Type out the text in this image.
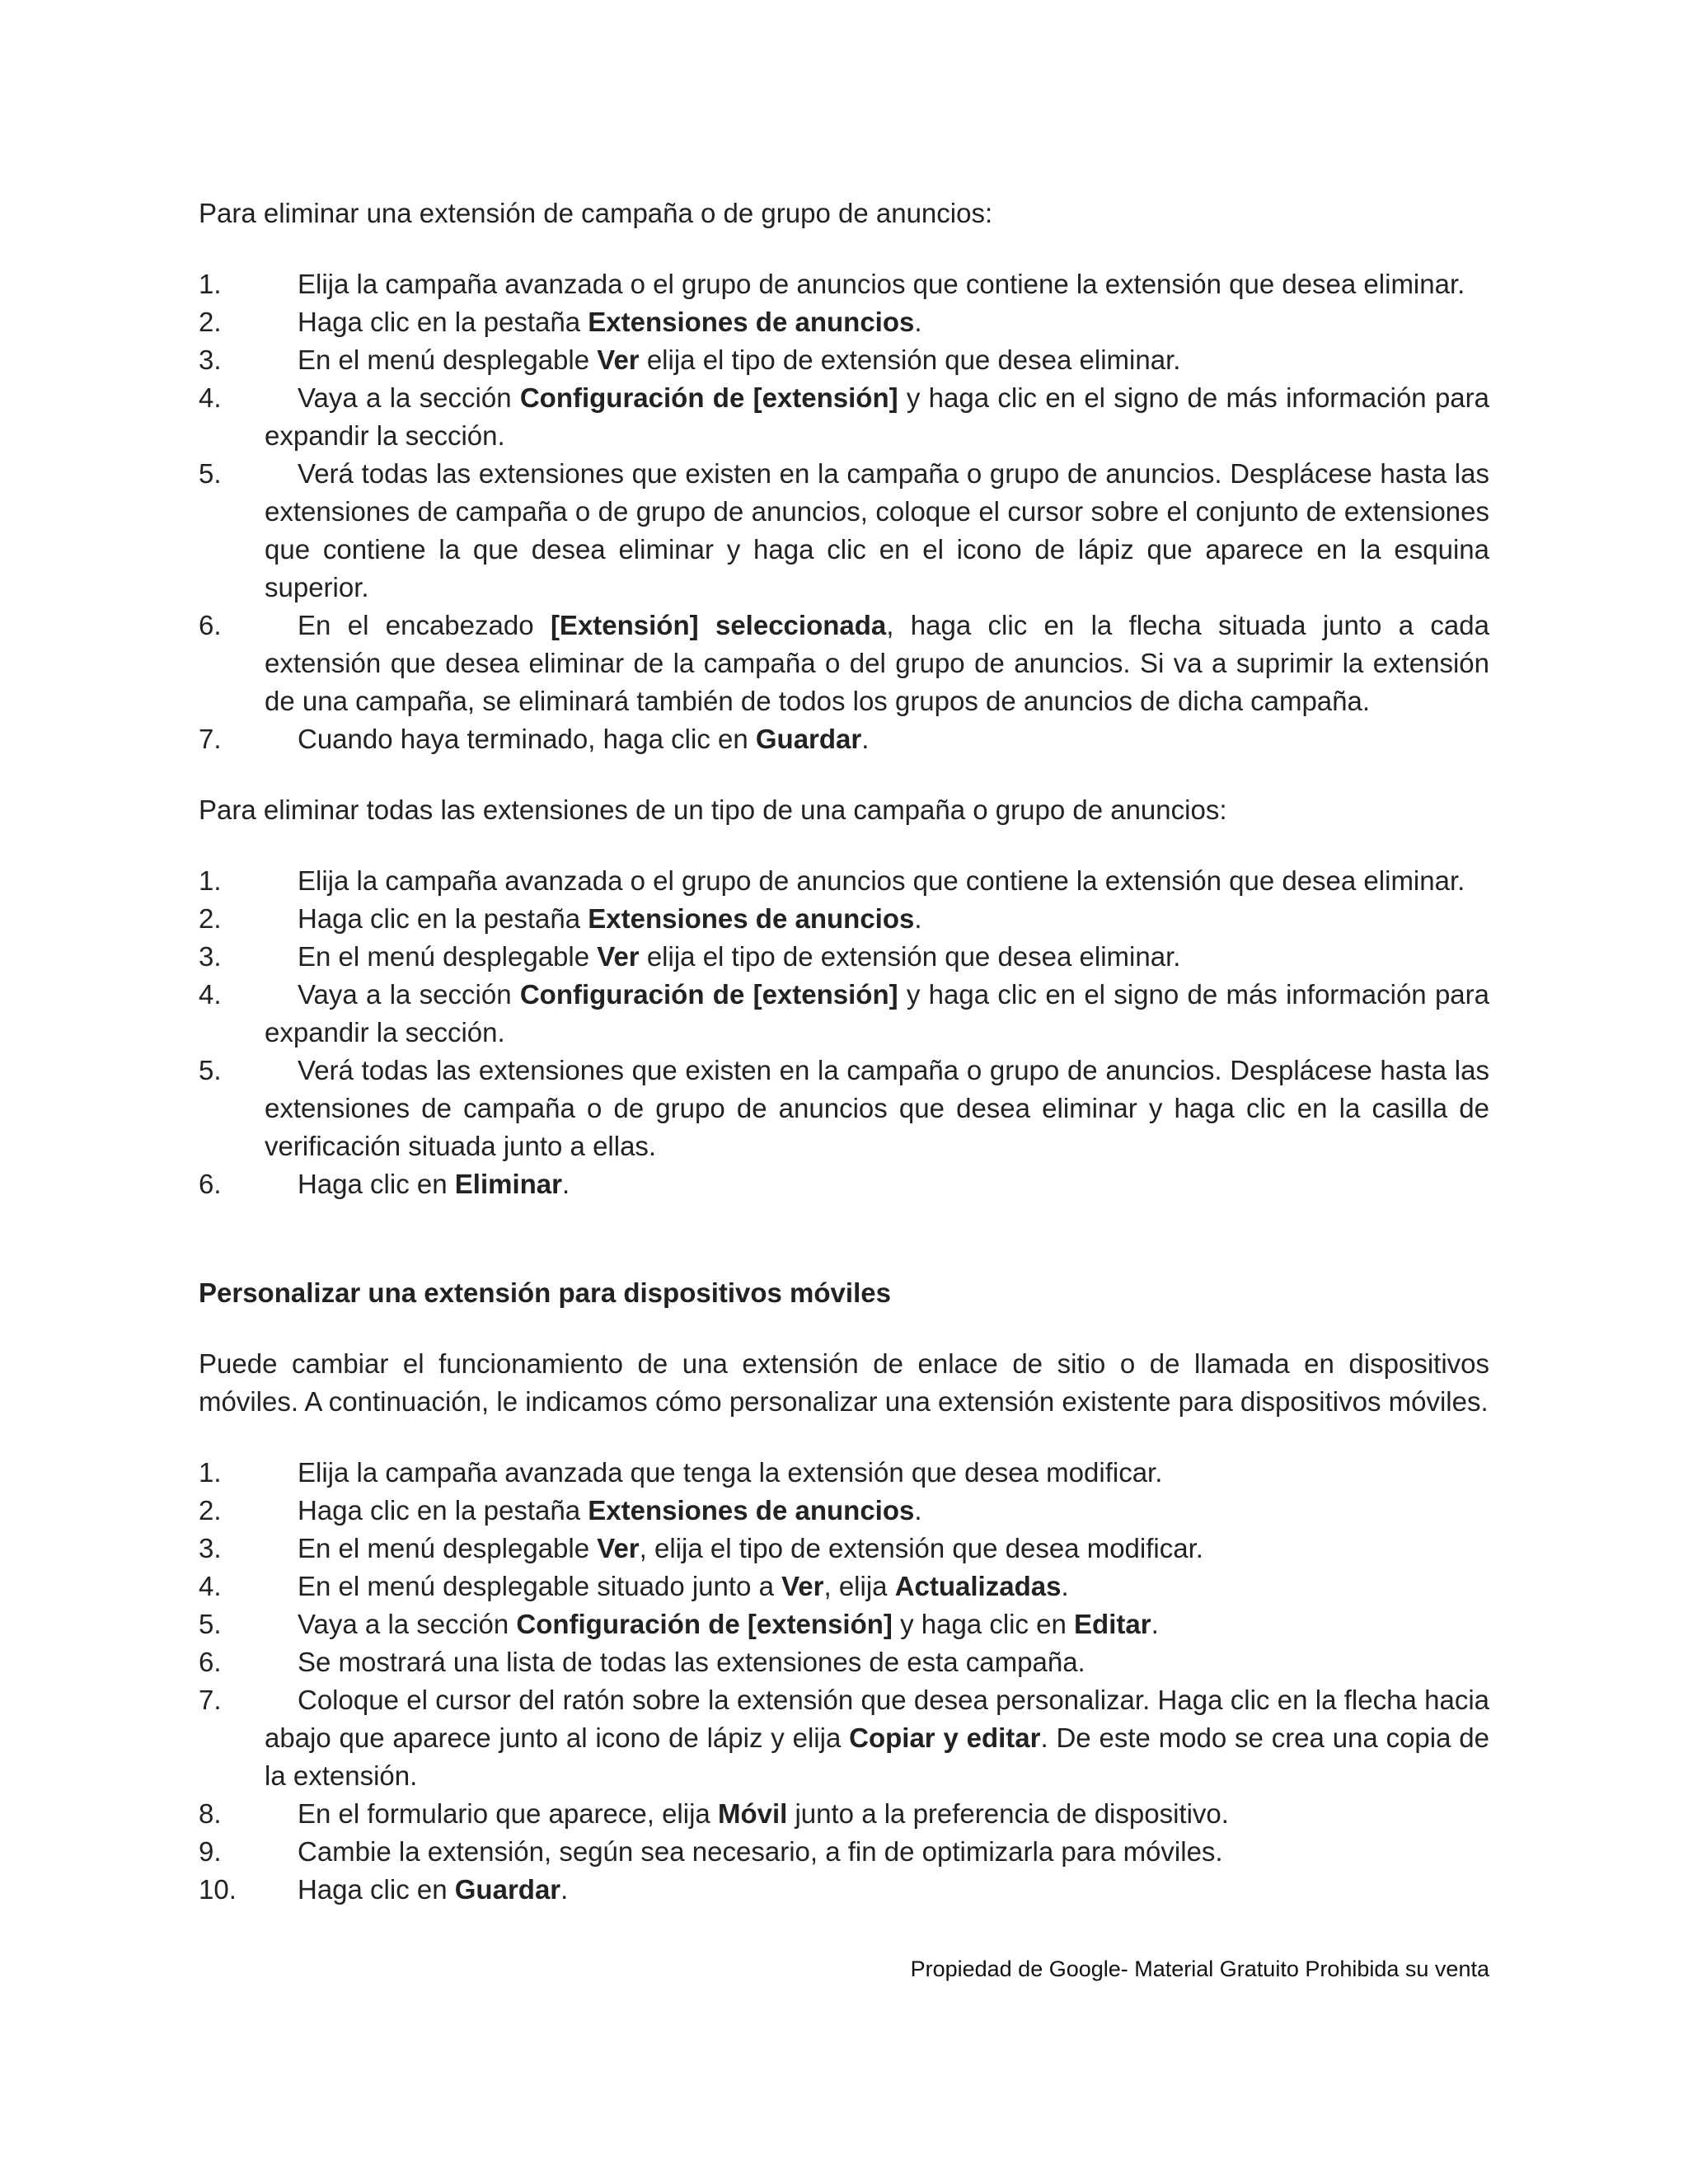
Para eliminar una extensión de campaña o de grupo de anuncios:

1.	Elija la campaña avanzada o el grupo de anuncios que contiene la extensión que desea eliminar.
2.	Haga clic en la pestaña Extensiones de anuncios.
3.	En el menú desplegable Ver elija el tipo de extensión que desea eliminar.
4.	Vaya a la sección Configuración de [extensión] y haga clic en el signo de más información para expandir la sección.
5.	Verá todas las extensiones que existen en la campaña o grupo de anuncios. Desplácese hasta las extensiones de campaña o de grupo de anuncios, coloque el cursor sobre el conjunto de extensiones que contiene la que desea eliminar y haga clic en el icono de lápiz que aparece en la esquina superior.
6.	En el encabezado [Extensión] seleccionada, haga clic en la flecha situada junto a cada extensión que desea eliminar de la campaña o del grupo de anuncios. Si va a suprimir la extensión de una campaña, se eliminará también de todos los grupos de anuncios de dicha campaña.
7.	Cuando haya terminado, haga clic en Guardar.

Para eliminar todas las extensiones de un tipo de una campaña o grupo de anuncios:

1.	Elija la campaña avanzada o el grupo de anuncios que contiene la extensión que desea eliminar.
2.	Haga clic en la pestaña Extensiones de anuncios.
3.	En el menú desplegable Ver elija el tipo de extensión que desea eliminar.
4.	Vaya a la sección Configuración de [extensión] y haga clic en el signo de más información para expandir la sección.
5.	Verá todas las extensiones que existen en la campaña o grupo de anuncios. Desplácese hasta las extensiones de campaña o de grupo de anuncios que desea eliminar y haga clic en la casilla de verificación situada junto a ellas.
6.	Haga clic en Eliminar.

Personalizar una extensión para dispositivos móviles

Puede cambiar el funcionamiento de una extensión de enlace de sitio o de llamada en dispositivos móviles. A continuación, le indicamos cómo personalizar una extensión existente para dispositivos móviles.

1.	Elija la campaña avanzada que tenga la extensión que desea modificar.
2.	Haga clic en la pestaña Extensiones de anuncios.
3.	En el menú desplegable Ver, elija el tipo de extensión que desea modificar.
4.	En el menú desplegable situado junto a Ver, elija Actualizadas.
5.	Vaya a la sección Configuración de [extensión] y haga clic en Editar.
6.	Se mostrará una lista de todas las extensiones de esta campaña.
7.	Coloque el cursor del ratón sobre la extensión que desea personalizar. Haga clic en la flecha hacia abajo que aparece junto al icono de lápiz y elija Copiar y editar. De este modo se crea una copia de la extensión.
8.	En el formulario que aparece, elija Móvil junto a la preferencia de dispositivo.
9.	Cambie la extensión, según sea necesario, a fin de optimizarla para móviles.
10.	Haga clic en Guardar.
Propiedad de Google- Material Gratuito Prohibida su venta
